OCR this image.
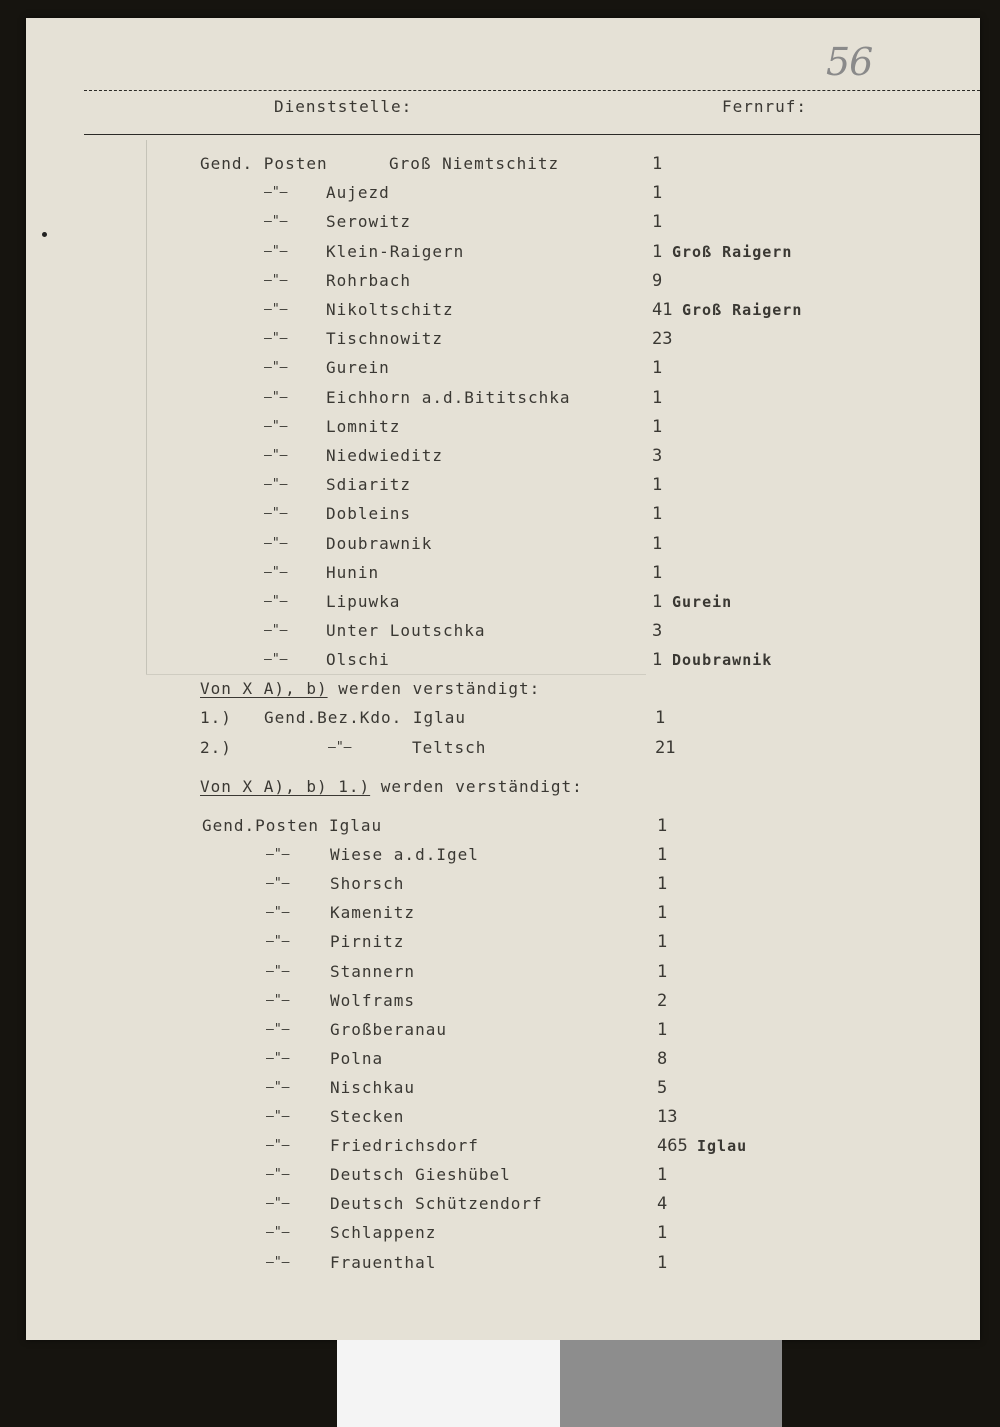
56
Dienststelle:	Fernruf:
Gend. Posten	Groß Niemtschitz	1
–"– Aujezd	1
–"– Serowitz	1
–"– Klein-Raigern	1 Groß Raigern
–"– Rohrbach	9
–"– Nikoltschitz	41 Groß Raigern
–"– Tischnowitz	23
–"– Gurein	1
–"– Eichhorn a.d.Bititschka	1
–"– Lomnitz	1
–"– Niedwieditz	3
–"– Sdiaritz	1
–"– Dobleins	1
–"– Doubrawnik	1
–"– Hunin	1
–"– Lipuwka	1 Gurein
–"– Unter Loutschka	3
–"– Olschi	1 Doubrawnik
Von X A), b) werden verständigt:
1.) Gend.Bez.Kdo. Iglau	1
2.)	–"–	Teltsch	21
Von X A), b) 1.) werden verständigt:
Gend.Posten Iglau	1
–"–	Wiese a.d.Igel	1
–"–	Shorsch	1
–"–	Kamenitz	1
–"–	Pirnitz	1
–"–	Stannern	1
–"–	Wolframs	2
–"–	Großberanau	1
–"–	Polna	8
–"–	Nischkau	5
–"–	Stecken	13
–"–	Friedrichsdorf	465 Iglau
–"–	Deutsch Gieshübel	1
–"–	Deutsch Schützendorf	4
–"–	Schlappenz	1
–"–	Frauenthal	1
